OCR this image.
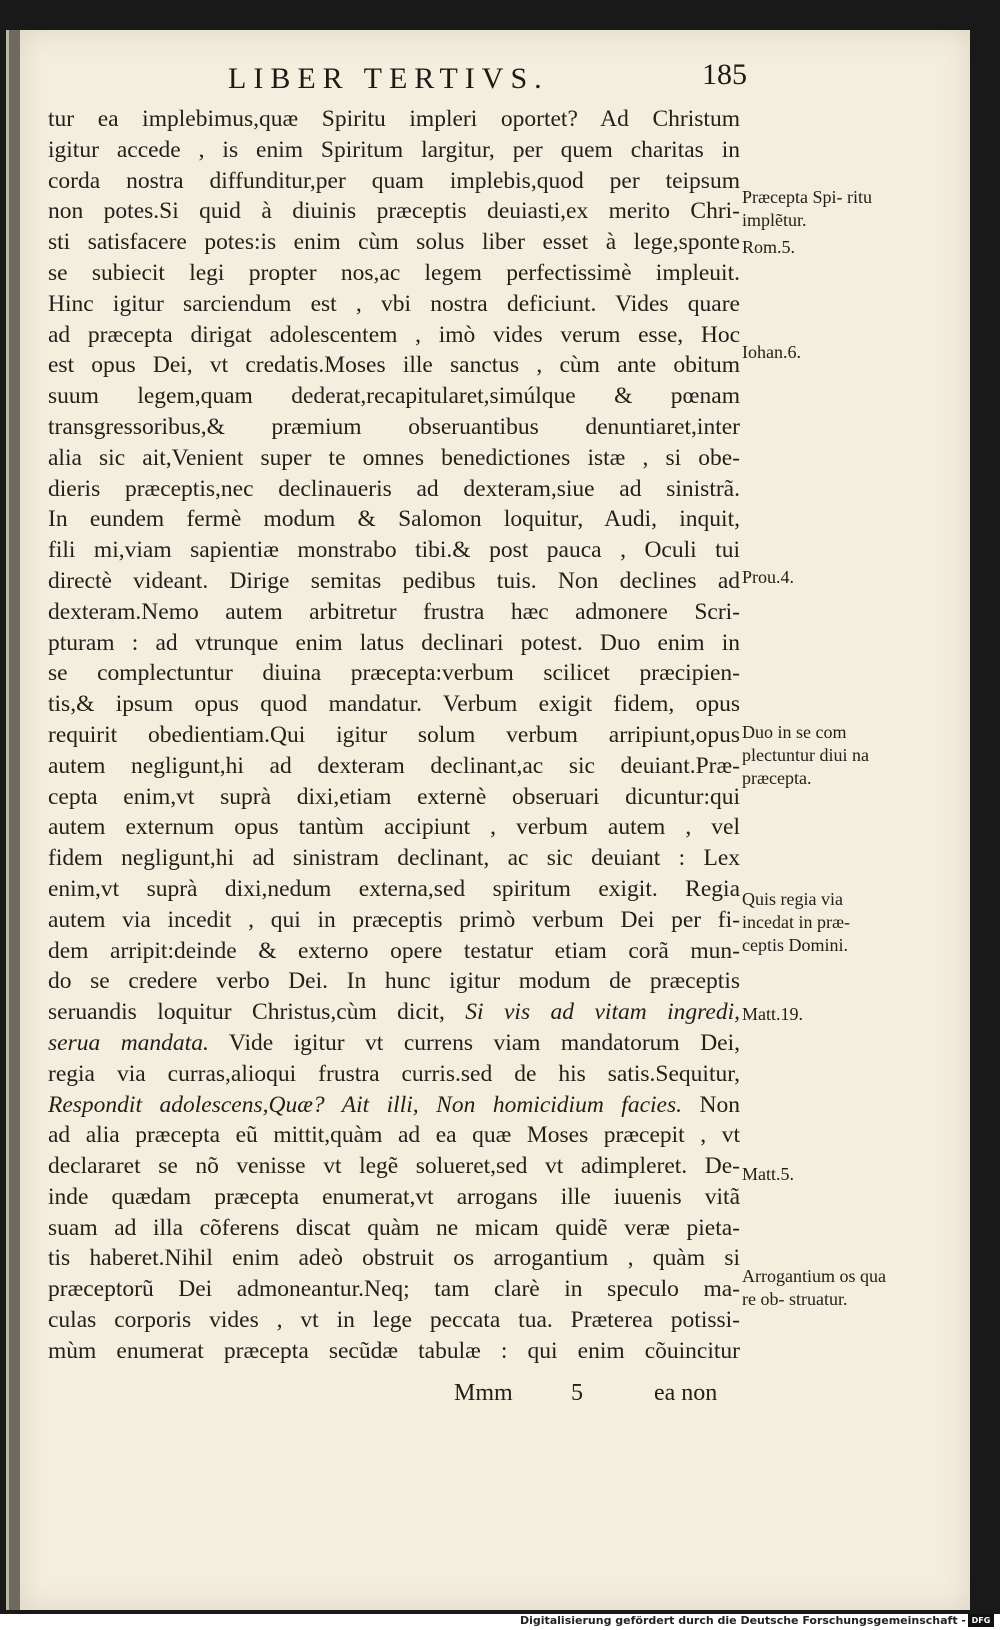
LIBER TERTIVS.	185
tur ea implebimus,quæ Spiritu impleri oportet? Ad Christum
igitur accede , is enim Spiritum largitur, per quem charitas in
corda nostra diffunditur,per quam implebis,quod per teipsum
non potes.Si quid à diuinis præceptis deuiasti,ex merito Chri-
sti satisfacere potes:is enim cùm solus liber esset à lege,sponte
se subiecit legi propter nos,ac legem perfectissimè impleuit.
Hinc igitur sarciendum est , vbi nostra deficiunt. Vides quare
ad præcepta dirigat adolescentem , imò vides verum esse, Hoc
est opus Dei, vt credatis.Moses ille sanctus , cùm ante obitum
suum legem,quam dederat,recapitularet,simúlque & pœnam
transgressoribus,& præmium obseruantibus denuntiaret,inter
alia sic ait,Venient super te omnes benedictiones istæ , si obe-
dieris præceptis,nec declinaueris ad dexteram,siue ad sinistrã.
In eundem fermè modum & Salomon loquitur, Audi, inquit,
fili mi,viam sapientiæ monstrabo tibi.& post pauca , Oculi tui
directè videant. Dirige semitas pedibus tuis. Non declines ad
dexteram.Nemo autem arbitretur frustra hæc admonere Scri-
pturam : ad vtrunque enim latus declinari potest. Duo enim in
se complectuntur diuina præcepta:verbum scilicet præcipien-
tis,& ipsum opus quod mandatur. Verbum exigit fidem, opus
requirit obedientiam.Qui igitur solum verbum arripiunt,opus
autem negligunt,hi ad dexteram declinant,ac sic deuiant.Præ-
cepta enim,vt suprà dixi,etiam externè obseruari dicuntur:qui
autem externum opus tantùm accipiunt , verbum autem , vel
fidem negligunt,hi ad sinistram declinant, ac sic deuiant : Lex
enim,vt suprà dixi,nedum externa,sed spiritum exigit. Regia
autem via incedit , qui in præceptis primò verbum Dei per fi-
dem arripit:deinde & externo opere testatur etiam corã mun-
do se credere verbo Dei. In hunc igitur modum de præceptis
seruandis loquitur Christus,cùm dicit, Si vis ad vitam ingredi,
serua mandata. Vide igitur vt currens viam mandatorum Dei,
regia via curras,alioqui frustra curris.sed de his satis.Sequitur,
Respondit adolescens,Quæ? Ait illi, Non homicidium facies. Non
ad alia præcepta eũ mittit,quàm ad ea quæ Moses præcepit , vt
declararet se nõ venisse vt legẽ solueret,sed vt adimpleret. De-
inde quædam præcepta enumerat,vt arrogans ille iuuenis vitã
suam ad illa cõferens discat quàm ne micam quidẽ veræ pieta-
tis haberet.Nihil enim adeò obstruit os arrogantium , quàm si
præceptorũ Dei admoneantur.Neq; tam clarè in speculo ma-
culas corporis vides , vt in lege peccata tua. Præterea potissi-
mùm enumerat præcepta secũdæ tabulæ : qui enim cõuincitur
Mmm 5	ea non
Præcepta Spi- ritu implẽtur.
Rom.5.
Iohan.6.
Prou.4.
Duo in se com plectuntur diui na præcepta.
Quis regia via incedat in præ- ceptis Domini.
Matt.19.
Matt.5.
Arrogantium os qua re ob- struatur.
Digitalisierung gefördert durch die Deutsche Forschungsgemeinschaft - DFG
